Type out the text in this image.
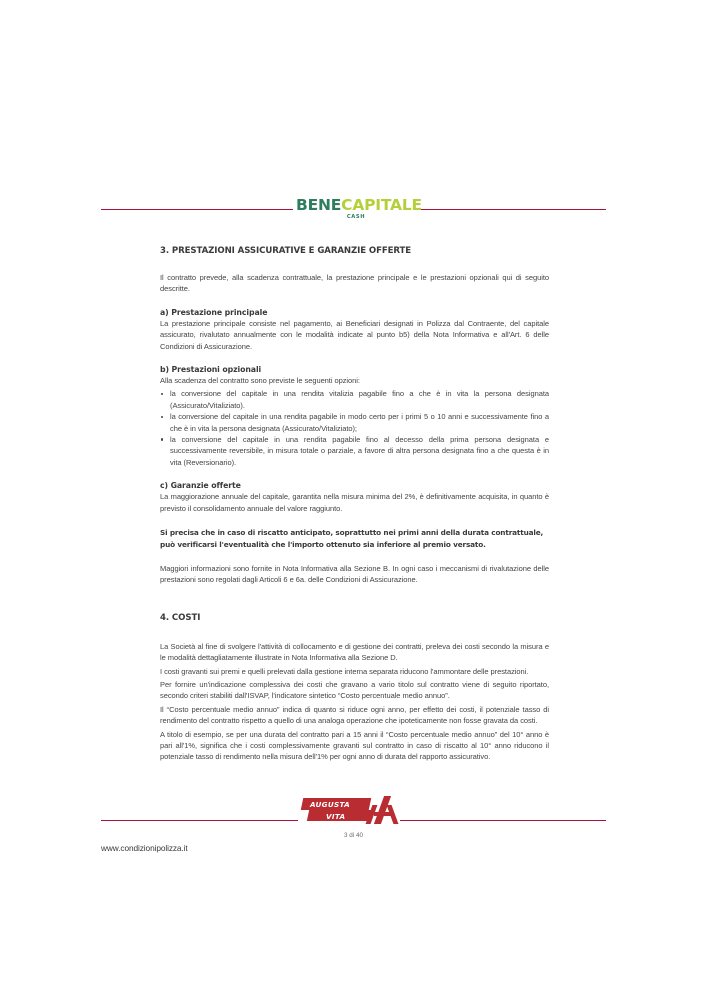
BENECAPITALE
CASH
3. PRESTAZIONI ASSICURATIVE E GARANZIE OFFERTE

Il contratto prevede, alla scadenza contrattuale, la prestazione principale e le prestazioni opzionali qui di seguito descritte.

a) Prestazione principale

La prestazione principale consiste nel pagamento, ai Beneficiari designati in Polizza dal Contraente, del capitale assicurato, rivalutato annualmente con le modalità indicate al punto b5) della Nota Informativa e all'Art. 6 delle Condizioni di Assicurazione.

b) Prestazioni opzionali

Alla scadenza del contratto sono previste le seguenti opzioni:

la conversione del capitale in una rendita vitalizia pagabile fino a che è in vita la persona designata (Assicurato/Vitaliziato).
la conversione del capitale in una rendita pagabile in modo certo per i primi 5 o 10 anni e successivamente fino a che è in vita la persona designata (Assicurato/Vitaliziato);
la conversione del capitale in una rendita pagabile fino al decesso della prima persona designata e successivamente reversibile, in misura totale o parziale, a favore di altra persona designata fino a che questa è in vita (Reversionario).
c) Garanzie offerte

La maggiorazione annuale del capitale, garantita nella misura minima del 2%, è definitivamente acquisita, in quanto è previsto il consolidamento annuale del valore raggiunto.

Si precisa che in caso di riscatto anticipato, soprattutto nei primi anni della durata contrattuale, può verificarsi l'eventualità che l'importo ottenuto sia inferiore al premio versato.

Maggiori informazioni sono fornite in Nota Informativa alla Sezione B. In ogni caso i meccanismi di rivalutazione delle prestazioni sono regolati dagli Articoli 6 e 6a. delle Condizioni di Assicurazione.

4. COSTI

La Società al fine di svolgere l'attività di collocamento e di gestione dei contratti, preleva dei costi secondo la misura e le modalità dettagliatamente illustrate in Nota Informativa alla Sezione D.

I costi gravanti sui premi e quelli prelevati dalla gestione interna separata riducono l'ammontare delle prestazioni.

Per fornire un'indicazione complessiva dei costi che gravano a vario titolo sul contratto viene di seguito riportato, secondo criteri stabiliti dall'ISVAP, l'indicatore sintetico “Costo percentuale medio annuo”.

Il “Costo percentuale medio annuo” indica di quanto si riduce ogni anno, per effetto dei costi, il potenziale tasso di rendimento del contratto rispetto a quello di una analoga operazione che ipoteticamente non fosse gravata da costi.

A titolo di esempio, se per una durata del contratto pari a 15 anni il “Costo percentuale medio annuo” del 10° anno è pari all'1%, significa che i costi complessivamente gravanti sul contratto in caso di riscatto al 10° anno riducono il potenziale tasso di rendimento nella misura dell'1% per ogni anno di durata del rapporto assicurativo.

AUGUSTA
VITA
3 di 40
www.condizionipolizza.it
